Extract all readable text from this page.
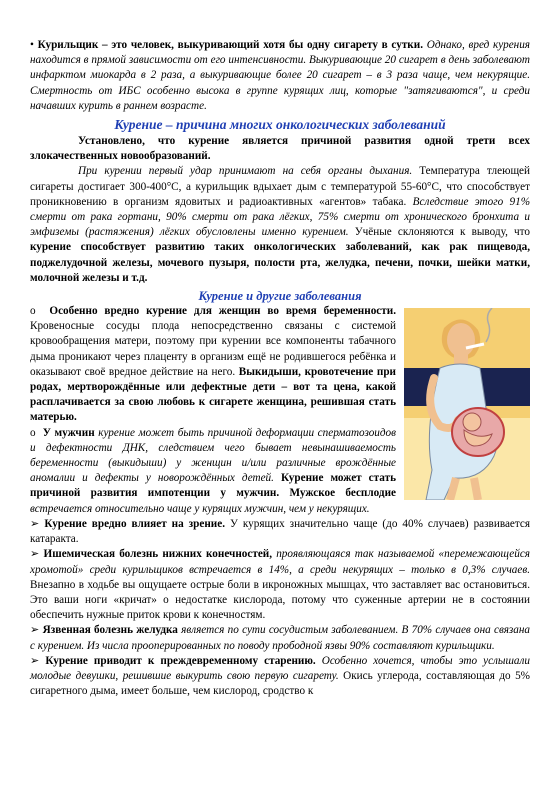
• Курильщик – это человек, выкуривающий хотя бы одну сигарету в сутки. Однако, вред курения находится в прямой зависимости от его интенсивности. Выкуривающие 20 сигарет в день заболевают инфарктом миокарда в 2 раза, а выкуривающие более 20 сигарет – в 3 раза чаще, чем некурящие. Смертность от ИБС особенно высока в группе курящих лиц, которые "затягиваются", и среди начавших курить в раннем возрасте.

Курение – причина многих онкологических заболеваний

Установлено, что курение является причиной развития одной трети всех злокачественных новообразований.

При курении первый удар принимают на себя органы дыхания. Температура тлеющей сигареты достигает 300-400°С, а курильщик вдыхает дым с температурой 55-60°С, что способствует проникновению в организм ядовитых и радиоактивных «агентов» табака. Вследствие этого 91% смерти от рака гортани, 90% смерти от рака лёгких, 75% смерти от хронического бронхита и эмфиземы (растяжения) лёгких обусловлены именно курением. Учёные склоняются к выводу, что курение способствует развитию таких онкологических заболеваний, как рак пищевода, поджелудочной железы, мочевого пузыря, полости рта, желудка, печени, почки, шейки матки, молочной железы и т.д.

Курение и другие заболевания

o Особенно вредно курение для женщин во время беременности. Кровеносные сосуды плода непосредственно связаны с системой кровообращения матери, поэтому при курении все компоненты табачного дыма проникают через плаценту в организм ещё не родившегося ребёнка и оказывают своё вредное действие на него. Выкидыши, кровотечение при родах, мертворождённые или дефектные дети – вот та цена, какой расплачивается за свою любовь к сигарете женщина, решившая стать матерью.

o У мужчин курение может быть причиной деформации сперматозоидов и дефектности ДНК, следствием чего бывает невынашиваемость беременности (выкидыши) у женщин и/или различные врождённые аномалии и дефекты у новорождённых детей. Курение может стать причиной развития импотенции у мужчин. Мужское бесплодие встречается относительно чаще у курящих мужчин, чем у некурящих.

➢ Курение вредно влияет на зрение. У курящих значительно чаще (до 40% случаев) развивается катаракта.

➢ Ишемическая болезнь нижних конечностей, проявляющаяся так называемой «перемежающейся хромотой» среди курильщиков встречается в 14%, а среди некурящих – только в 0,3% случаев. Внезапно в ходьбе вы ощущаете острые боли в икроножных мышцах, что заставляет вас остановиться. Это ваши ноги «кричат» о недостатке кислорода, потому что суженные артерии не в состоянии обеспечить нужные приток крови к конечностям.

➢ Язвенная болезнь желудка является по сути сосудистым заболеванием. В 70% случаев она связана с курением. Из числа прооперированных по поводу прободной язвы 90% составляют курильщики.

➢ Курение приводит к преждевременному старению. Особенно хочется, чтобы это услышали молодые девушки, решившие выкурить свою первую сигарету. Окись углерода, составляющая до 5% сигаретного дыма, имеет больше, чем кислород, сродство к
